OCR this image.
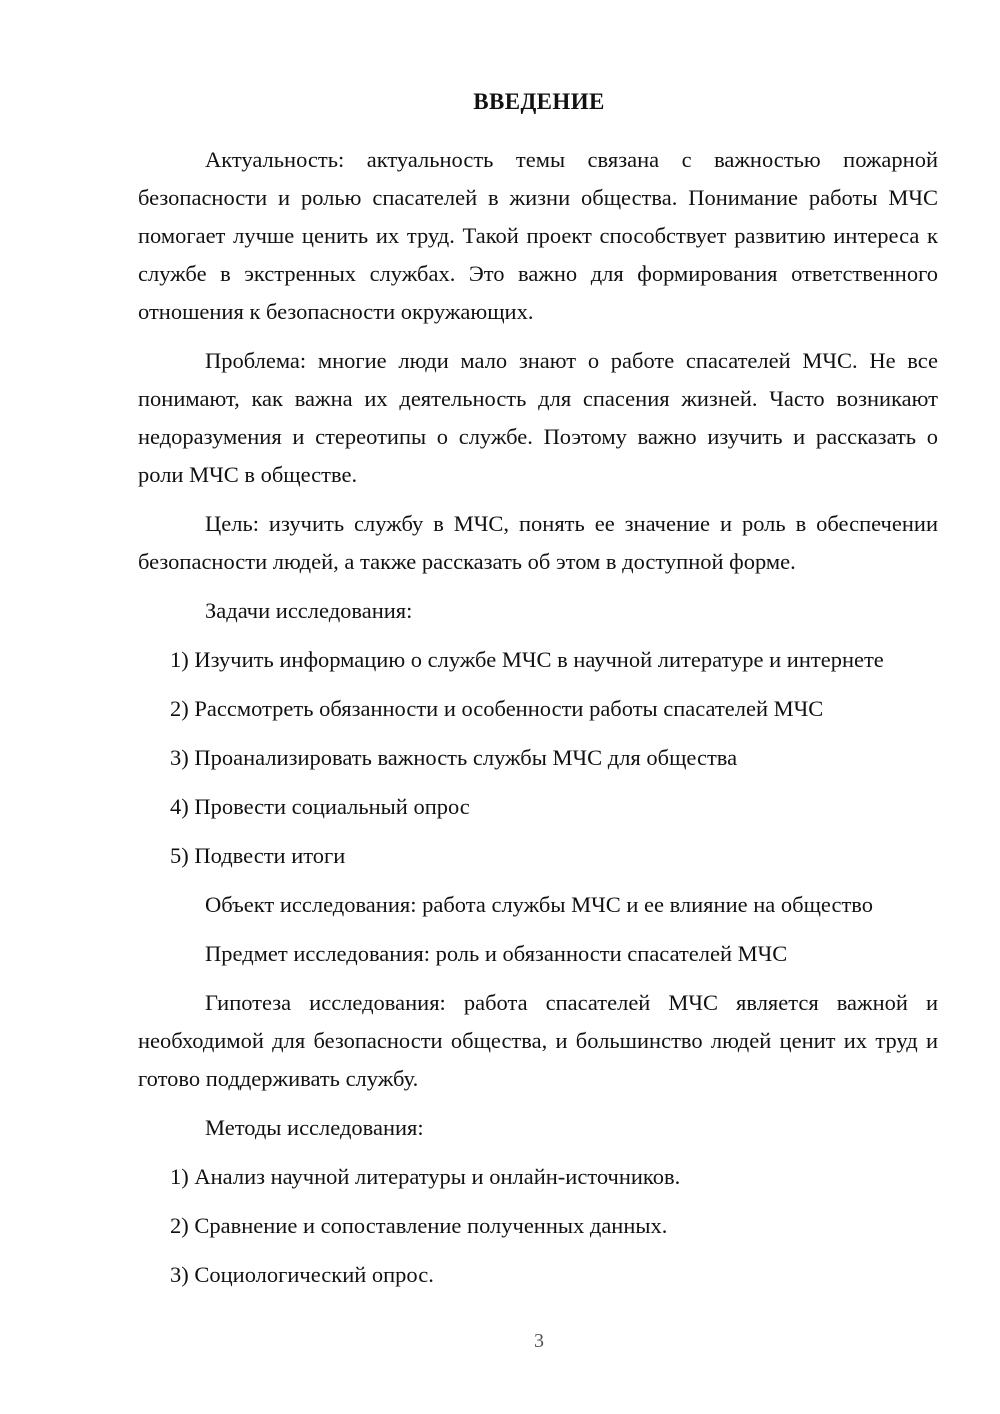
ВВЕДЕНИЕ

Актуальность: актуальность темы связана с важностью пожарной безопасности и ролью спасателей в жизни общества. Понимание работы МЧС помогает лучше ценить их труд. Такой проект способствует развитию интереса к службе в экстренных службах. Это важно для формирования ответственного отношения к безопасности окружающих.

Проблема: многие люди мало знают о работе спасателей МЧС. Не все понимают, как важна их деятельность для спасения жизней. Часто возникают недоразумения и стереотипы о службе. Поэтому важно изучить и рассказать о роли МЧС в обществе.

Цель: изучить службу в МЧС, понять ее значение и роль в обеспечении безопасности людей, а также рассказать об этом в доступной форме.

Задачи исследования:

1) Изучить информацию о службе МЧС в научной литературе и интернете

2) Рассмотреть обязанности и особенности работы спасателей МЧС

3) Проанализировать важность службы МЧС для общества

4) Провести социальный опрос

5) Подвести итоги

Объект исследования: работа службы МЧС и ее влияние на общество

Предмет исследования: роль и обязанности спасателей МЧС

Гипотеза исследования: работа спасателей МЧС является важной и необходимой для безопасности общества, и большинство людей ценит их труд и готово поддерживать службу.

Методы исследования:

1) Анализ научной литературы и онлайн-источников.

2) Сравнение и сопоставление полученных данных.

3) Социологический опрос.

3
